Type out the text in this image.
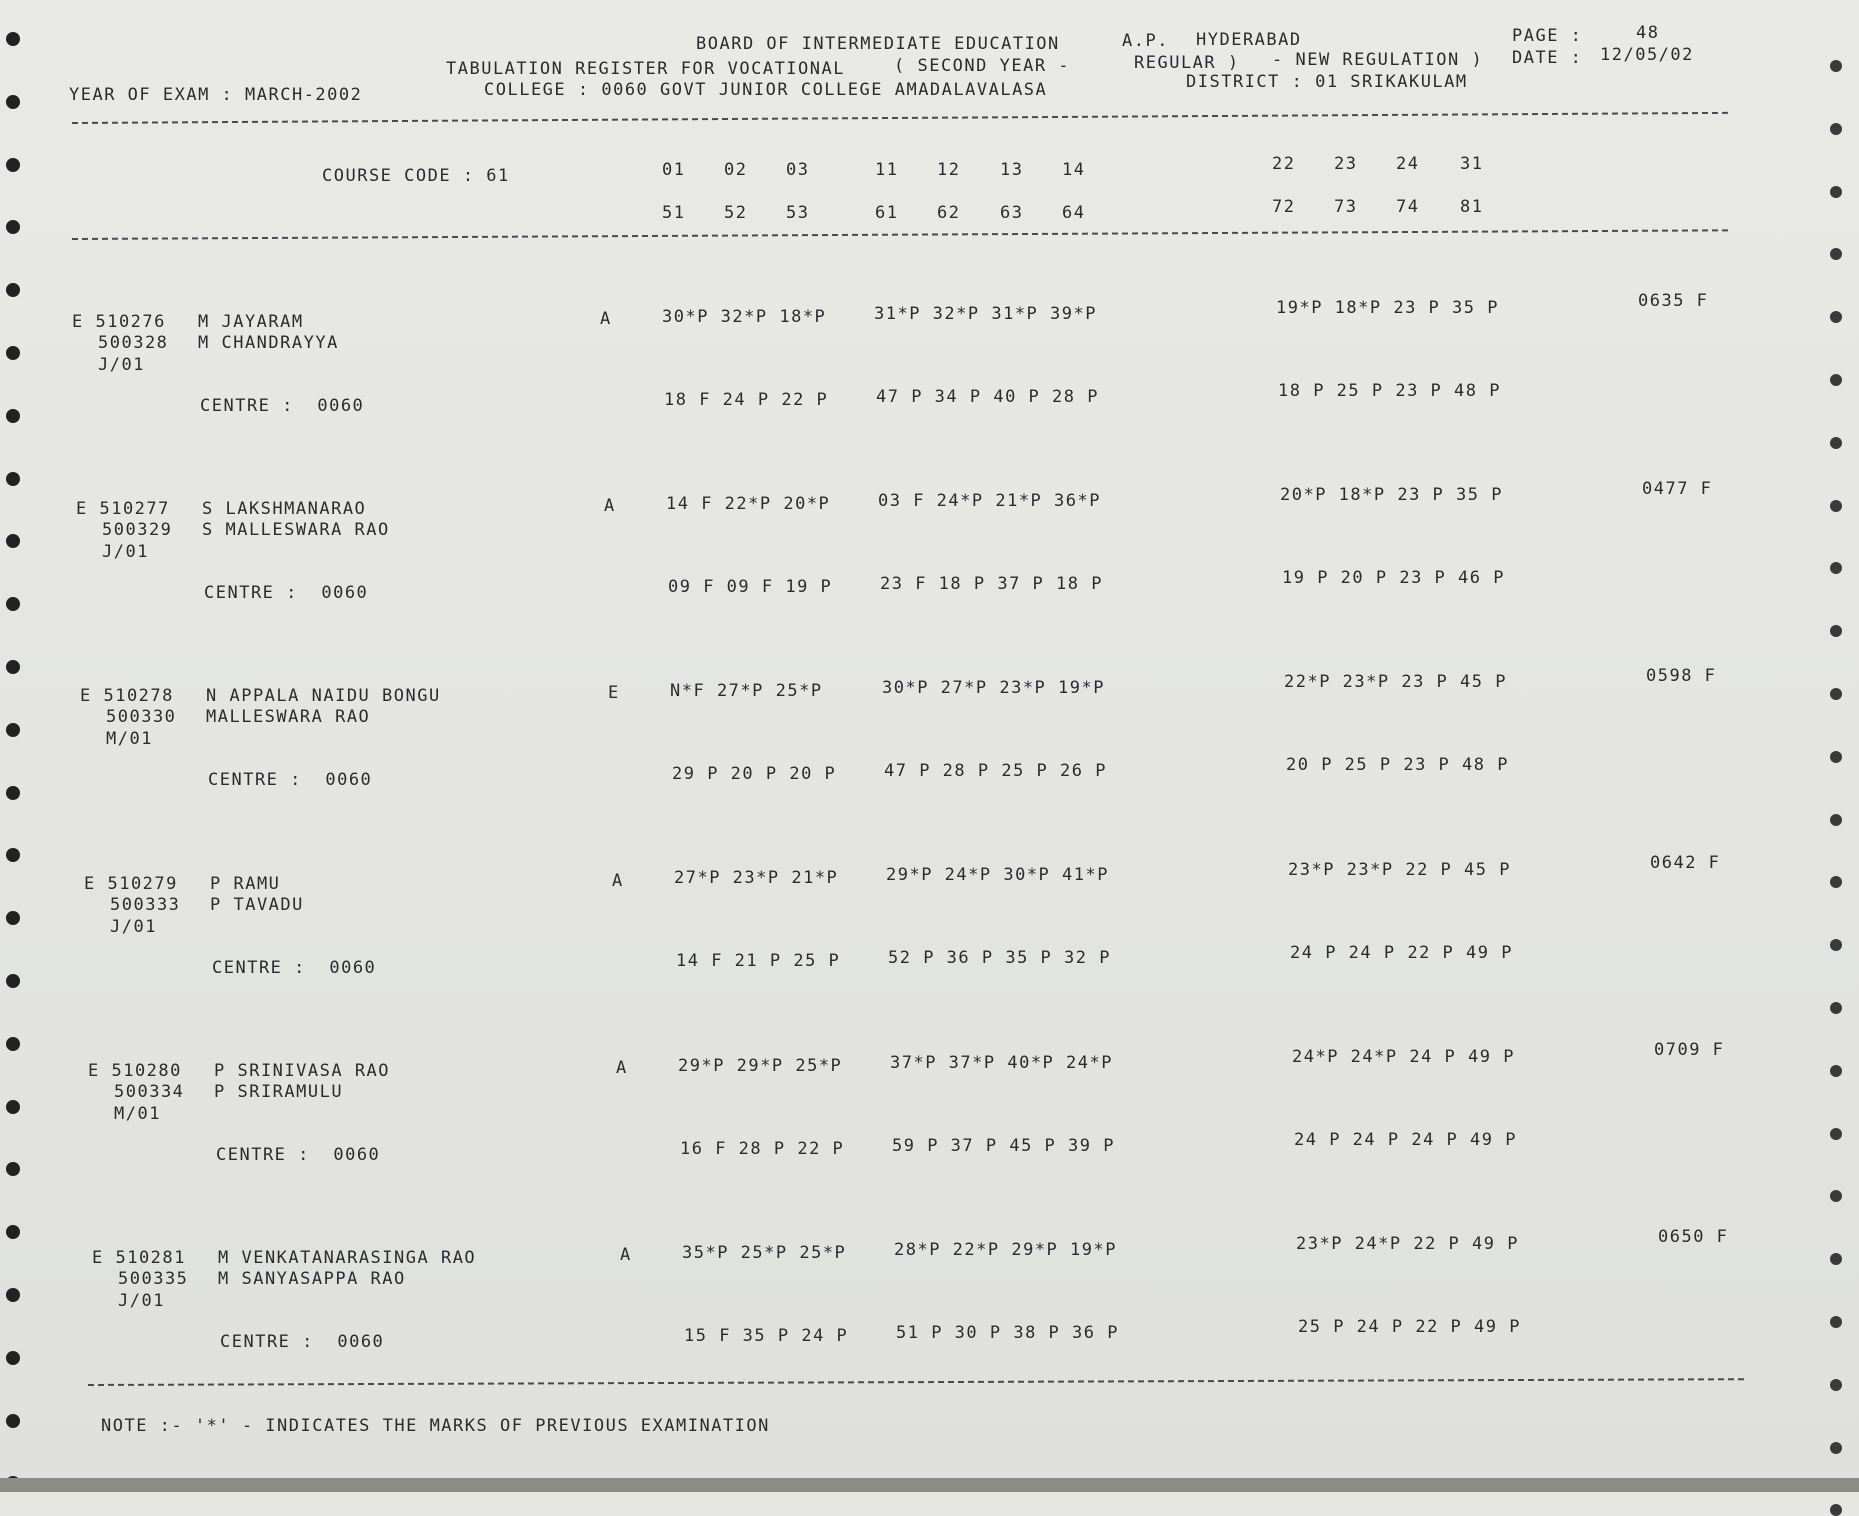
BOARD OF INTERMEDIATE EDUCATION	A.P. HYDERABAD	PAGE :	48
TABULATION REGISTER FOR VOCATIONAL	( SECOND YEAR -	REGULAR ) - NEW REGULATION ) DATE : 12/05/02
YEAR OF EXAM : MARCH-2002	COLLEGE : 0060 GOVT JUNIOR COLLEGE AMADALAVALASA	DISTRICT : 01 SRIKAKULAM
COURSE CODE : 61	01 02 03	11 12 13 14	22 23 24 31
51 52 53	61 62 63 64	72 73 74 81
E 510276 M JAYARAM
500328 M CHANDRAYYA
J/01
A	30*P 32*P 18*P	31*P 32*P 31*P 39*P	19*P 18*P 23 P 35 P	0635 F
CENTRE :  0060	18 F 24 P 22 P	47 P 34 P 40 P 28 P	18 P 25 P 23 P 48 P
E 510277 S LAKSHMANARAO
500329 S MALLESWARA RAO
J/01
A	14 F 22*P 20*P	03 F 24*P 21*P 36*P	20*P 18*P 23 P 35 P	0477 F
CENTRE :  0060	09 F 09 F 19 P	23 F 18 P 37 P 18 P	19 P 20 P 23 P 46 P
E 510278 N APPALA NAIDU BONGU
500330 MALLESWARA RAO
M/01
E	N*F 27*P 25*P	30*P 27*P 23*P 19*P	22*P 23*P 23 P 45 P	0598 F
CENTRE :  0060	29 P 20 P 20 P	47 P 28 P 25 P 26 P	20 P 25 P 23 P 48 P
E 510279 P RAMU
500333 P TAVADU
J/01
A	27*P 23*P 21*P	29*P 24*P 30*P 41*P	23*P 23*P 22 P 45 P	0642 F
CENTRE :  0060	14 F 21 P 25 P	52 P 36 P 35 P 32 P	24 P 24 P 22 P 49 P
E 510280 P SRINIVASA RAO
500334 P SRIRAMULU
M/01
A	29*P 29*P 25*P	37*P 37*P 40*P 24*P	24*P 24*P 24 P 49 P	0709 F
CENTRE :  0060	16 F 28 P 22 P	59 P 37 P 45 P 39 P	24 P 24 P 24 P 49 P
E 510281 M VENKATANARASINGA RAO
500335 M SANYASAPPA RAO
J/01
A	35*P 25*P 25*P	28*P 22*P 29*P 19*P	23*P 24*P 22 P 49 P	0650 F
CENTRE :  0060	15 F 35 P 24 P	51 P 30 P 38 P 36 P	25 P 24 P 22 P 49 P
NOTE :- '*' - INDICATES THE MARKS OF PREVIOUS EXAMINATION
